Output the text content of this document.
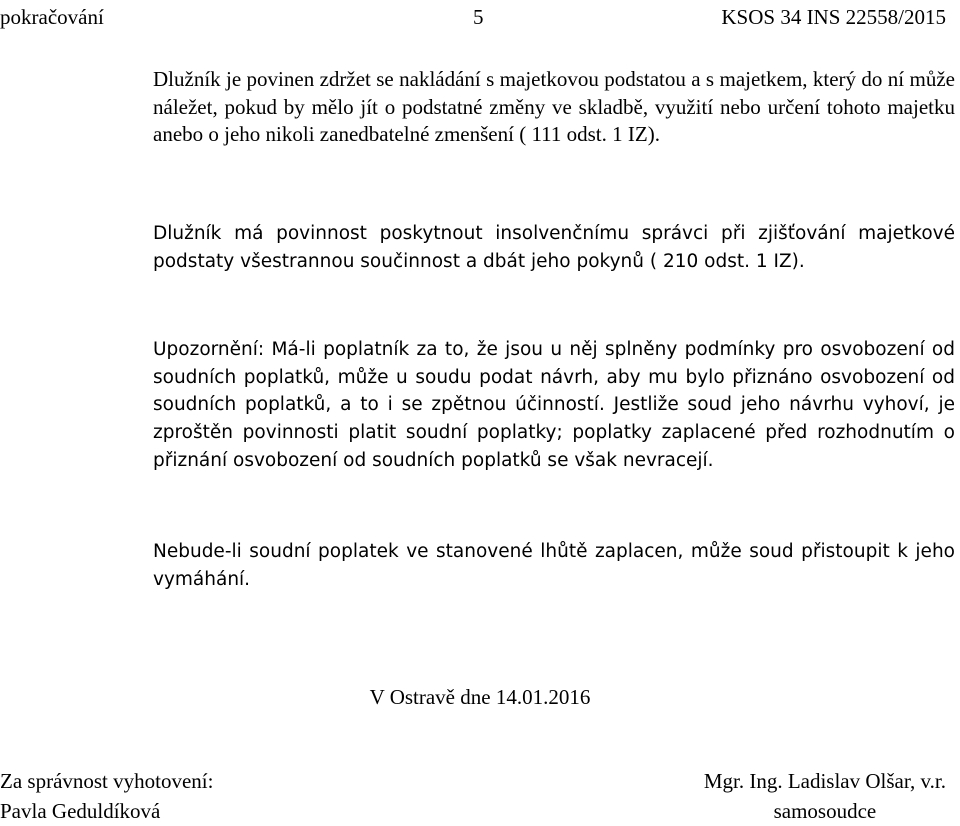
pokračování	5	KSOS 34 INS 22558/2015

Dlužník je povinen zdržet se nakládání s majetkovou podstatou a s majetkem, který do ní může náležet, pokud by mělo jít o podstatné změny ve skladbě, využití nebo určení tohoto majetku anebo o jeho nikoli zanedbatelné zmenšení ( 111 odst. 1 IZ).

Dlužník má povinnost poskytnout insolvenčnímu správci při zjišťování majetkové podstaty všestrannou součinnost a dbát jeho pokynů ( 210 odst. 1 IZ).

Upozornění: Má-li poplatník za to, že jsou u něj splněny podmínky pro osvobození od soudních poplatků, může u soudu podat návrh, aby mu bylo přiznáno osvobození od soudních poplatků, a to i se zpětnou účinností. Jestliže soud jeho návrhu vyhoví, je zproštěn povinnosti platit soudní poplatky; poplatky zaplacené před rozhodnutím o přiznání osvobození od soudních poplatků se však nevracejí.

Nebude-li soudní poplatek ve stanovené lhůtě zaplacen, může soud přistoupit k jeho vymáhání.

V Ostravě dne 14.01.2016
Za správnost vyhotovení:
Pavla Geduldíková
Mgr. Ing. Ladislav Olšar, v.r.
samosoudce
